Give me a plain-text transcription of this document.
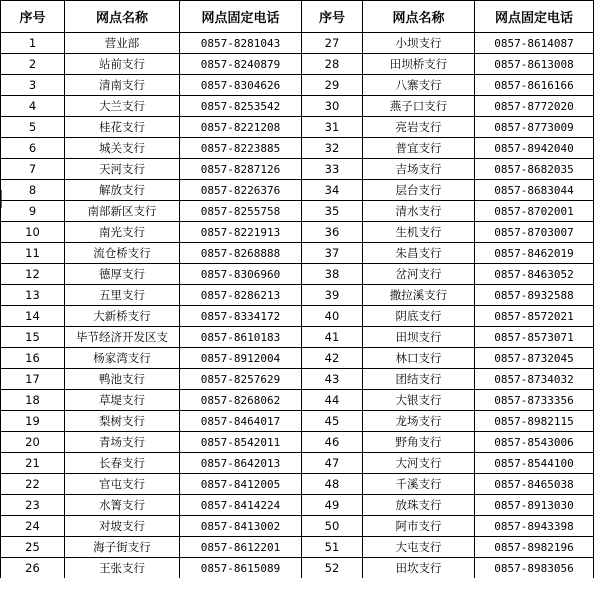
序号	网点名称	网点固定电话	序号	网点名称	网点固定电话
1	营业部	0857-8281043	27	小坝支行	0857-8614087
2	站前支行	0857-8240879	28	田坝桥支行	0857-8613008
3	清南支行	0857-8304626	29	八寨支行	0857-8616166
4	大兰支行	0857-8253542	30	燕子口支行	0857-8772020
5	桂花支行	0857-8221208	31	亮岩支行	0857-8773009
6	城关支行	0857-8223885	32	普宜支行	0857-8942040
7	天河支行	0857-8287126	33	吉场支行	0857-8682035
8	解放支行	0857-8226376	34	层台支行	0857-8683044
9	南部新区支行	0857-8255758	35	清水支行	0857-8702001
10	南光支行	0857-8221913	36	生机支行	0857-8703007
11	流仓桥支行	0857-8268888	37	朱昌支行	0857-8462019
12	德厚支行	0857-8306960	38	岔河支行	0857-8463052
13	五里支行	0857-8286213	39	撒拉溪支行	0857-8932588
14	大新桥支行	0857-8334172	40	阴底支行	0857-8572021
15	毕节经济开发区支	0857-8610183	41	田坝支行	0857-8573071
16	杨家湾支行	0857-8912004	42	林口支行	0857-8732045
17	鸭池支行	0857-8257629	43	团结支行	0857-8734032
18	草堤支行	0857-8268062	44	大银支行	0857-8733356
19	梨树支行	0857-8464017	45	龙场支行	0857-8982115
20	青场支行	0857-8542011	46	野角支行	0857-8543006
21	长春支行	0857-8642013	47	大河支行	0857-8544100
22	官屯支行	0857-8412005	48	千溪支行	0857-8465038
23	水箐支行	0857-8414224	49	放珠支行	0857-8913030
24	对坡支行	0857-8413002	50	阿市支行	0857-8943398
25	海子街支行	0857-8612201	51	大屯支行	0857-8982196
26	王张支行	0857-8615089	52	田坎支行	0857-8983056
